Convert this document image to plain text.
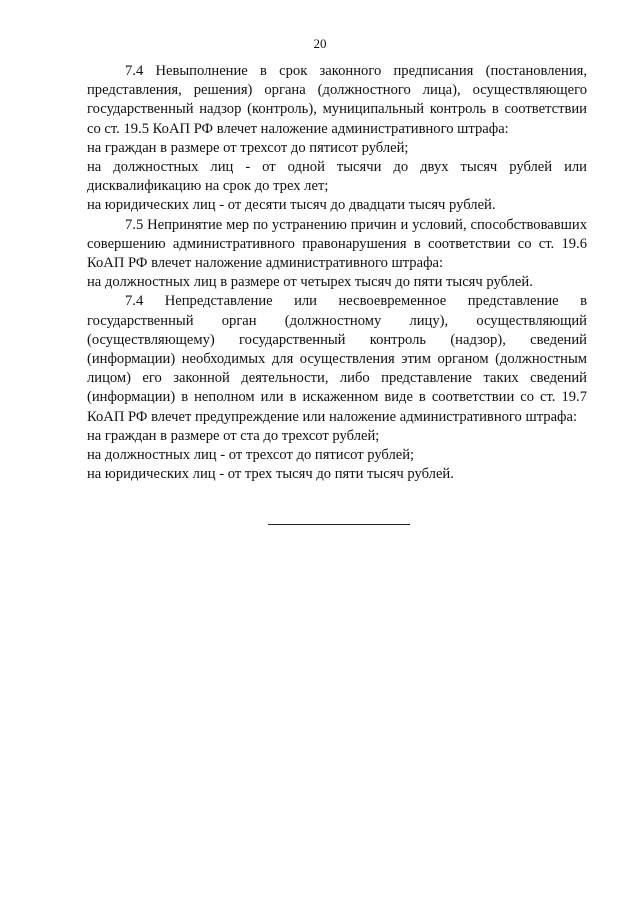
20

7.4 Невыполнение в срок законного предписания (постановления, представления, решения) органа (должностного лица), осуществляющего государственный надзор (контроль), муниципальный контроль в соответствии со ст. 19.5 КоАП РФ влечет наложение административного штрафа:

на граждан в размере от трехсот до пятисот рублей;

на должностных лиц - от одной тысячи до двух тысяч рублей или дисквалификацию на срок до трех лет;

на юридических лиц - от десяти тысяч до двадцати тысяч рублей.

7.5 Непринятие мер по устранению причин и условий, способствовавших совершению административного правонарушения в соответствии со ст. 19.6 КоАП РФ влечет наложение административного штрафа:

на должностных лиц в размере от четырех тысяч до пяти тысяч рублей.

7.4 Непредставление или несвоевременное представление в государственный орган (должностному лицу), осуществляющий (осуществляющему) государственный контроль (надзор), сведений (информации) необходимых для осуществления этим органом (должностным лицом) его законной деятельности, либо представление таких сведений (информации) в неполном или в искаженном виде в соответствии со ст. 19.7 КоАП РФ влечет предупреждение или наложение административного штрафа:

на граждан в размере от ста до трехсот рублей;

на должностных лиц - от трехсот до пятисот рублей;

на юридических лиц - от трех тысяч до пяти тысяч рублей.
